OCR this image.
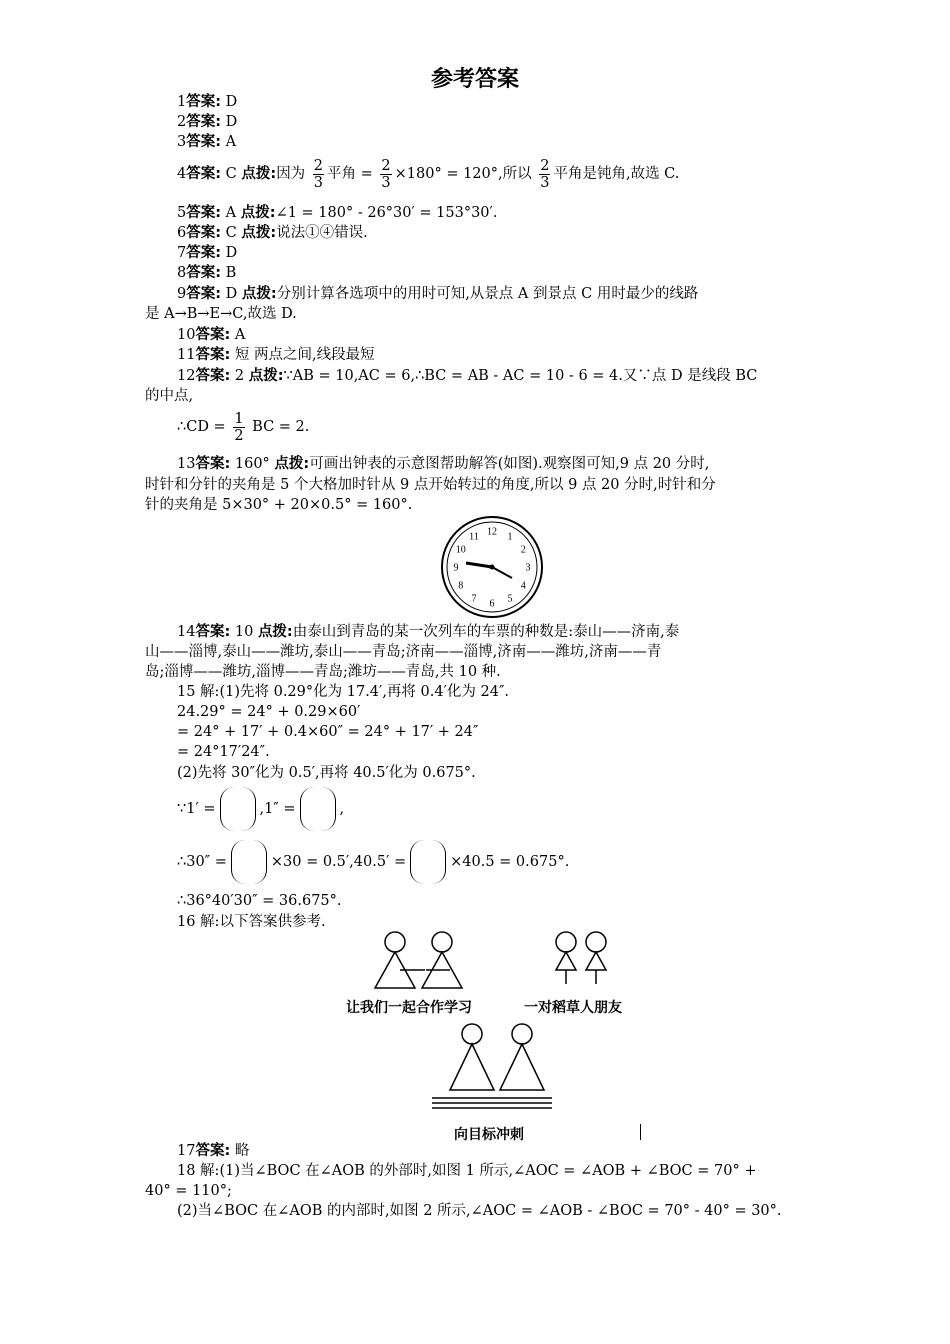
参考答案
1答案: D
2答案: D
3答案: A
4答案: C 点拨:因为 $\frac{2}{3}$ 平角 = $\frac{2}{3} \times 180^\circ = 120^\circ$,所以 $\frac{2}{3}$ 平角是钝角,故选 C.
5答案: A 点拨:∠1 = 180° - 26°30′ = 153°30′.
6答案: C 点拨:说法①④错误.
7答案: D
8答案: B
9答案: D 点拨:分别计算各选项中的用时可知,从景点 A 到景点 C 用时最少的线路
是 A→B→E→C,故选 D.
10答案: A
11答案: 短 两点之间,线段最短
12答案: 2 点拨:∵AB = 10,AC = 6,∴BC = AB - AC = 10 - 6 = 4.又∵点 D 是线段 BC
的中点,
∴CD = $\frac{1}{2}$ BC = 2.
13答案: 160° 点拨:可画出钟表的示意图帮助解答(如图).观察图可知,9 点 20 分时,
时针和分针的夹角是 5 个大格加时针从 9 点开始转过的角度,所以 9 点 20 分时,时针和分
针的夹角是 5×30° + 20×0.5° = 160°.
12 1
2
3
4
5
6
7
8
9
10
11
14答案: 10 点拨:由泰山到青岛的某一次列车的车票的种数是:泰山——济南,泰
山——淄博,泰山——潍坊,泰山——青岛;济南——淄博,济南——潍坊,济南——青
岛;淄博——潍坊,淄博——青岛;潍坊——青岛,共 10 种.
15 解:(1)先将 0.29°化为 17.4′,再将 0.4′化为 24″.
24.29° = 24° + 0.29×60′
= 24° + 17′ + 0.4×60″ = 24° + 17′ + 24″
= 24°17′24″.
(2)先将 30″化为 0.5′,再将 40.5′化为 0.675°.
∵1′ =	,1″ =	,
∴30″ =	×30 = 0.5′,40.5′ =	×40.5 = 0.675°.
∴36°40′30″ = 36.675°.
16 解:以下答案供参考.
让我们一起合作学习	一对稻草人朋友
向目标冲刺
17答案: 略
18 解:(1)当∠BOC 在∠AOB 的外部时,如图 1 所示,∠AOC = ∠AOB + ∠BOC = 70° +
40° = 110°;
(2)当∠BOC 在∠AOB 的内部时,如图 2 所示,∠AOC = ∠AOB - ∠BOC = 70° - 40° = 30°.
